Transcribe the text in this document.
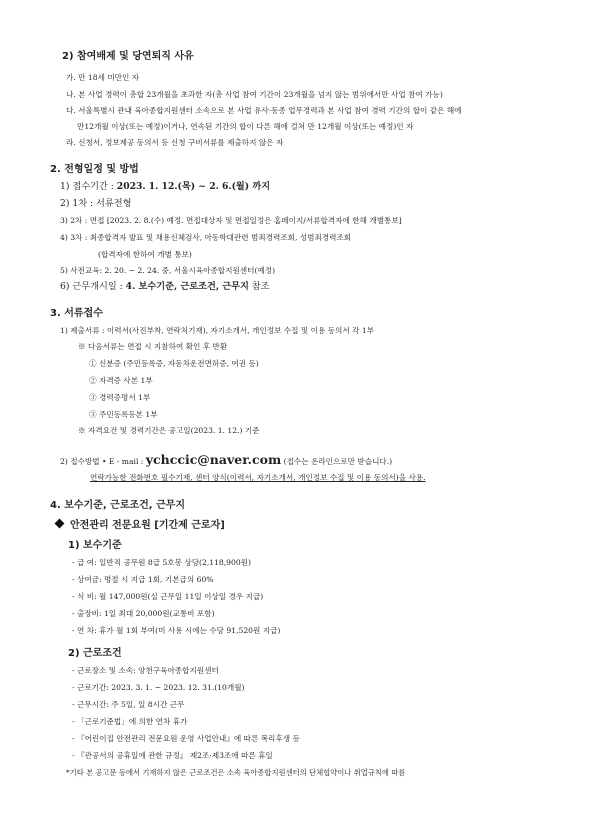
2) 참여배제 및 당연퇴직 사유
가. 만 18세 미만인 자
나. 본 사업 경력이 총합 23개월을 초과한 자(총 사업 참여 기간이 23개월을 넘지 않는 범위에서만 사업 참여 가능)
다. 서울특별시 관내 육아종합지원센터 소속으로 본 사업 유사·동종 업무경력과 본 사업 참여 경력 기간의 합이 같은 해에
만12개월 이상(또는 예정)이거나, 연속된 기간의 합이 다른 해에 걸쳐 만 12개월 이상(또는 예정)인 자
라. 신청서, 정보제공 동의서 등 신청 구비서류를 제출하지 않은 자
2. 전형일정 및 방법
1) 접수기간 : 2023. 1. 12.(목) ~ 2. 6.(월) 까지
2) 1차 : 서류전형
3) 2차 : 면접 [2023. 2. 8.(수) 예정. 면접대상자 및 면접일정은 홈페이지/서류합격자에 한해 개별통보]
4) 3차 : 최종합격자 발표 및 채용신체검사, 아동학대관련 범죄경력조회, 성범죄경력조회
(합격자에 한하여 개별 통보)
5) 사전교육: 2. 20. ~ 2. 24. 중, 서울시육아종합지원센터(예정)
6) 근무개시일 : 4. 보수기준, 근로조건, 근무지 참조
3. 서류접수
1) 제출서류 : 이력서(사진부착, 연락처기재), 자기소개서, 개인정보 수집 및 이용 동의서 각 1부
※ 다음서류는 면접 시 지참하여 확인 후 반환
① 신분증 (주민등록증, 자동차운전면허증, 여권 등)
② 자격증 사본 1부
③ 경력증명서 1부
③ 주민등록등본 1부
※ 자격요건 및 경력기간은 공고일(2023. 1. 12.) 기준
2) 접수방법 • E - mail : ychccic@naver.com (접수는 온라인으로만 받습니다.)
연락가능한 전화번호 필수기재, 센터 양식(이력서, 자기소개서, 개인정보 수집 및 이용 동의서)을 사용.
4. 보수기준, 근로조건, 근무지
안전관리 전문요원 [기간제 근로자]
1) 보수기준
- 급 여: 일반직 공무원 8급 5호봉 상당(2,118,900원)
- 상여금: 명절 시 지급 1회, 기본급의 60%
- 식 비: 월 147,000원(실 근무일 11일 이상일 경우 지급)
- 출장비: 1일 최대 20,000원(교통비 포함)
- 연 차: 휴가 월 1회 부여(미 사용 시에는 수당 91,520원 지급)
2) 근로조건
- 근로장소 및 소속: 양천구육아종합지원센터
- 근로기간: 2023. 3. 1. ~ 2023. 12. 31.(10개월)
- 근무시간: 주 5일, 일 8시간 근무
- 「근로기준법」에 의한 연차 휴가
- 『어린이집 안전관리 전문요원 운영 사업안내』에 따른 복리후생 등
- 『관공서의 공휴일에 관한 규정』 제2조·제3조에 따른 휴일
*기타 본 공고문 등에서 기재하지 않은 근로조건은 소속 육아종합지원센터의 단체협약이나 취업규칙에 따름
